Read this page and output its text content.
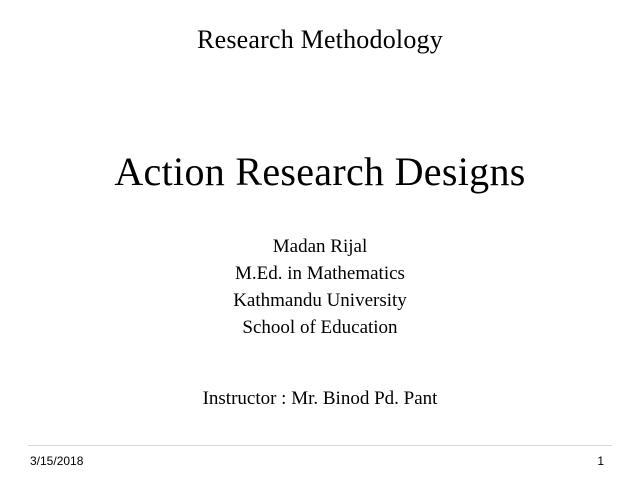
Research Methodology
Action Research Designs
Madan Rijal
M.Ed. in Mathematics
Kathmandu University
School of Education
Instructor : Mr. Binod Pd. Pant
3/15/2018	1
